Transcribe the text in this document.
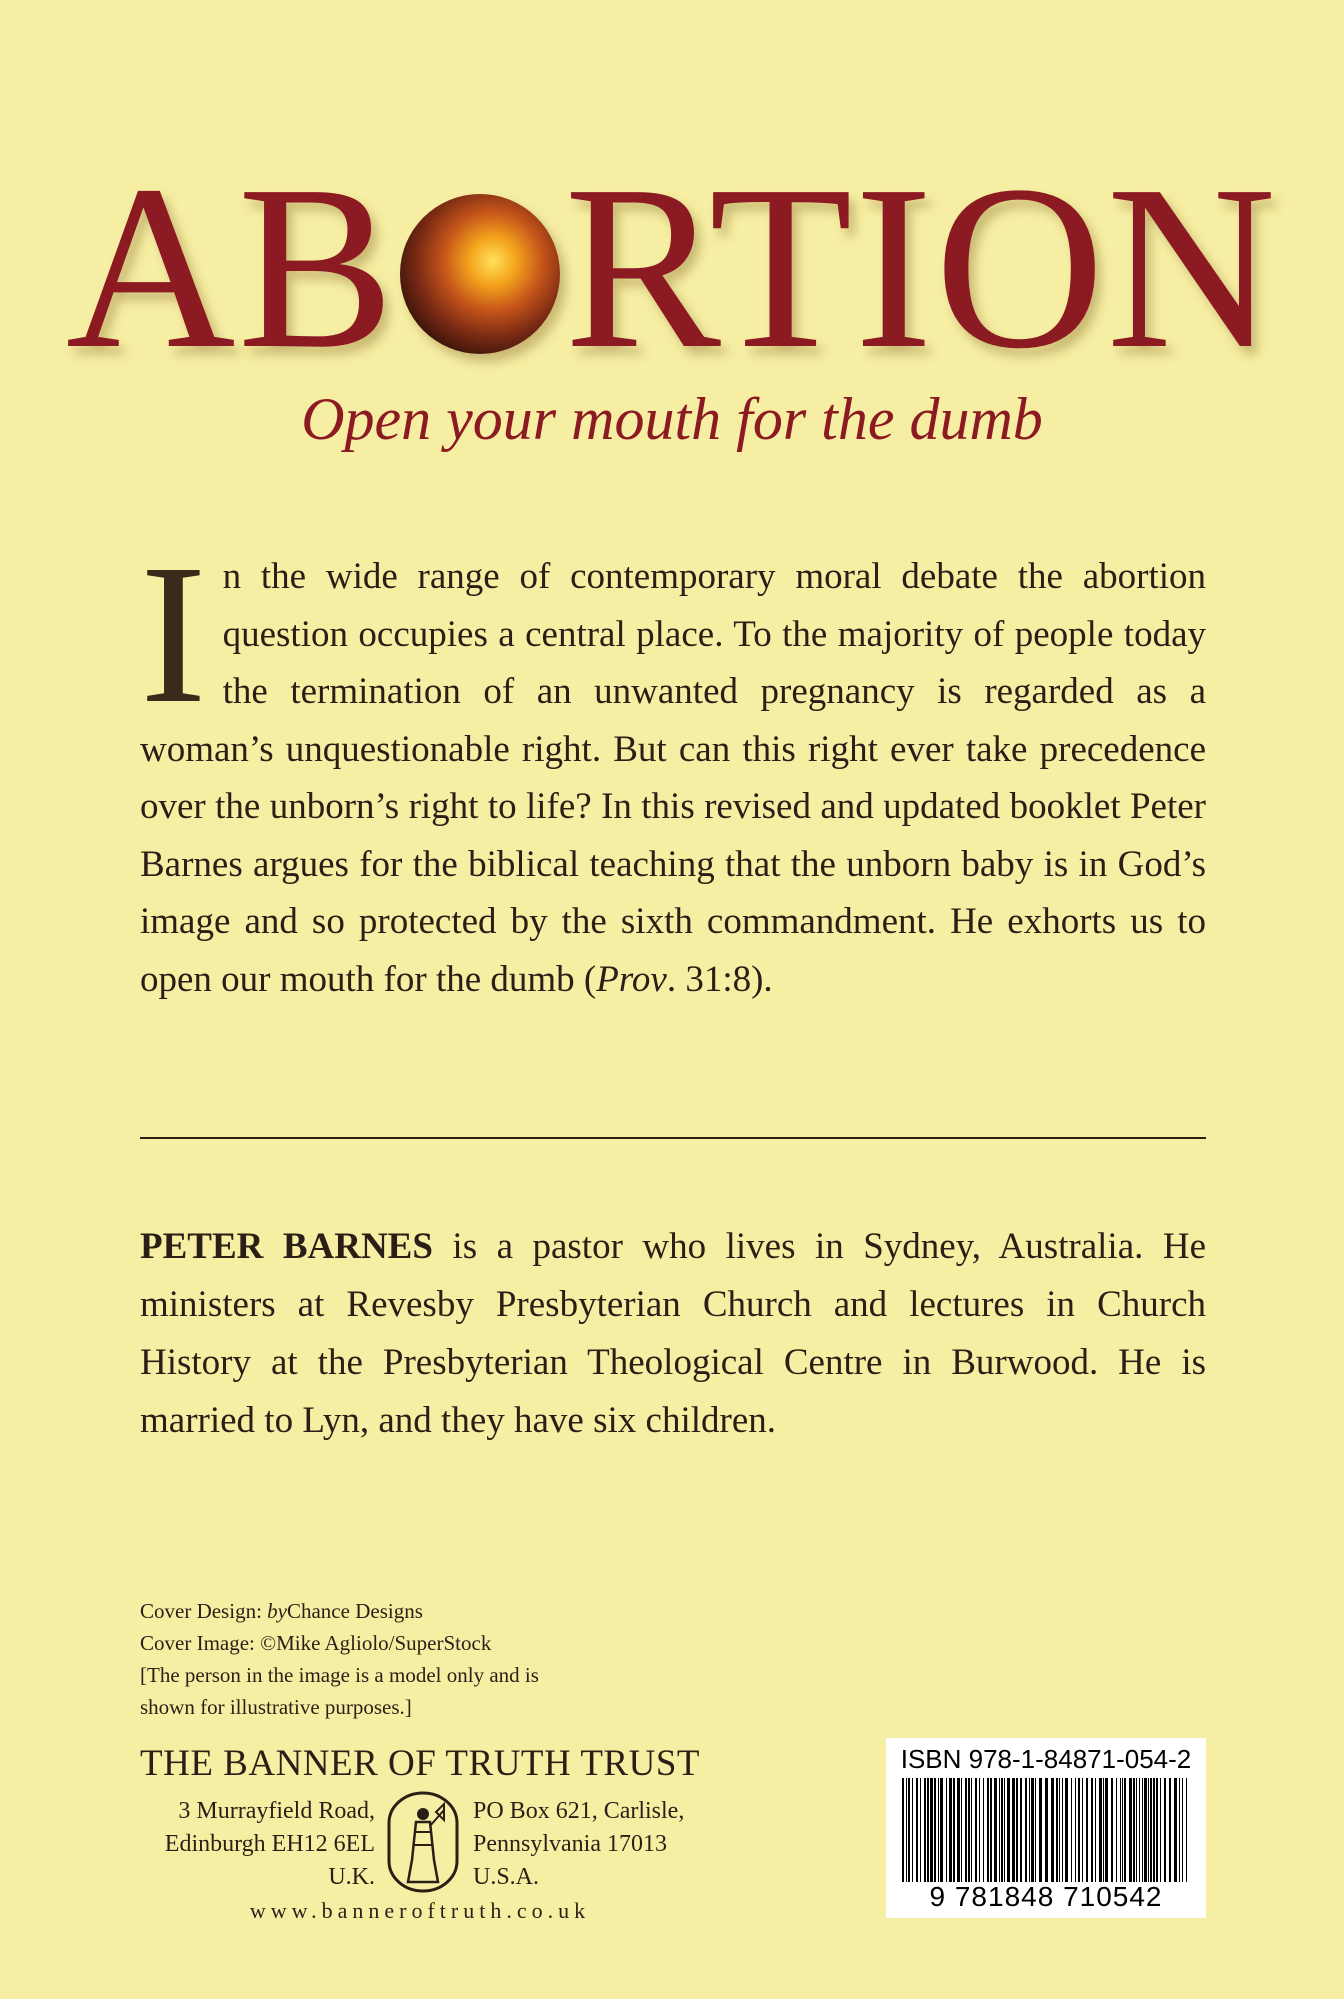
AB RTION
Open your mouth for the dumb
In the wide range of contemporary moral debate the abortion question occupies a central place. To the majority of people today the termination of an unwanted pregnancy is regarded as a woman’s unquestionable right. But can this right ever take precedence over the unborn’s right to life? In this revised and updated booklet Peter Barnes argues for the biblical teaching that the unborn baby is in God’s image and so protected by the sixth commandment. He exhorts us to open our mouth for the dumb (Prov. 31:8).
PETER BARNES is a pastor who lives in Sydney, Australia. He ministers at Revesby Presbyterian Church and lectures in Church History at the Presbyterian Theological Centre in Burwood. He is married to Lyn, and they have six children.
Cover Design: byChance Designs
Cover Image: ©Mike Agliolo/SuperStock
[The person in the image is a model only and is
shown for illustrative purposes.]
THE BANNER OF TRUTH TRUST
3 Murrayfield Road,
Edinburgh EH12 6EL
U.K.
PO Box 621, Carlisle,
Pennsylvania 17013
U.S.A.
www.banneroftruth.co.uk
ISBN 978-1-84871-054-2
9 781848 710542
